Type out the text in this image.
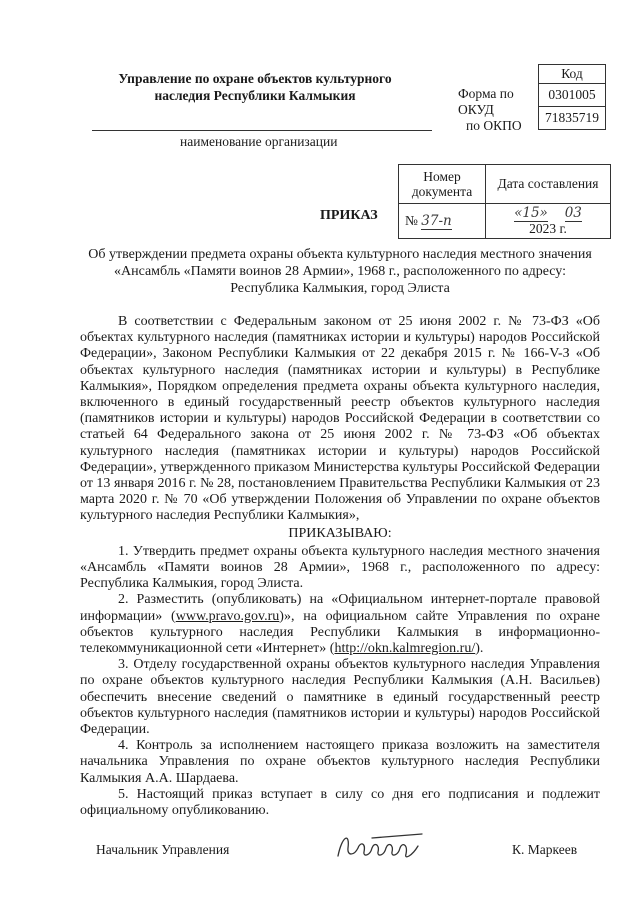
Управление по охране объектов культурного
наследия Республики Калмыкия
наименование организации
Форма по
ОКУД
по ОКПО
Код
0301005
71835719
Номер
документа	Дата составления
№ 37-п	«15» 03
2023 г.
ПРИКАЗ
Об утверждении предмета охраны объекта культурного наследия местного значения
«Ансамбль «Памяти воинов 28 Армии», 1968 г., расположенного по адресу:
Республика Калмыкия, город Элиста

В соответствии с Федеральным законом от 25 июня 2002 г. № 73-ФЗ «Об объектах культурного наследия (памятниках истории и культуры) народов Российской Федерации», Законом Республики Калмыкия от 22 декабря 2015 г. № 166-V-З «Об объектах культурного наследия (памятниках истории и культуры) в Республике Калмыкия», Порядком определения предмета охраны объекта культурного наследия, включенного в единый государственный реестр объектов культурного наследия (памятников истории и культуры) народов Российской Федерации в соответствии со статьей 64 Федерального закона от 25 июня 2002 г. № 73-ФЗ «Об объектах культурного наследия (памятниках истории и культуры) народов Российской Федерации», утвержденного приказом Министерства культуры Российской Федерации от 13 января 2016 г. № 28, постановлением Правительства Республики Калмыкия от 23 марта 2020 г. № 70 «Об утверждении Положения об Управлении по охране объектов культурного наследия Республики Калмыкия»,

ПРИКАЗЫВАЮ:

1. Утвердить предмет охраны объекта культурного наследия местного значения «Ансамбль «Памяти воинов 28 Армии», 1968 г., расположенного по адресу: Республика Калмыкия, город Элиста.

2. Разместить (опубликовать) на «Официальном интернет-портале правовой информации» (www.pravo.gov.ru)», на официальном сайте Управления по охране объектов культурного наследия Республики Калмыкия в информационно-телекоммуникационной сети «Интернет» (http://okn.kalmregion.ru/).

3. Отделу государственной охраны объектов культурного наследия Управления по охране объектов культурного наследия Республики Калмыкия (А.Н. Васильев) обеспечить внесение сведений о памятнике в единый государственный реестр объектов культурного наследия (памятников истории и культуры) народов Российской Федерации.

4. Контроль за исполнением настоящего приказа возложить на заместителя начальника Управления по охране объектов культурного наследия Республики Калмыкия А.А. Шардаева.

5. Настоящий приказ вступает в силу со дня его подписания и подлежит официальному опубликованию.

Начальник Управления	К. Маркеев
